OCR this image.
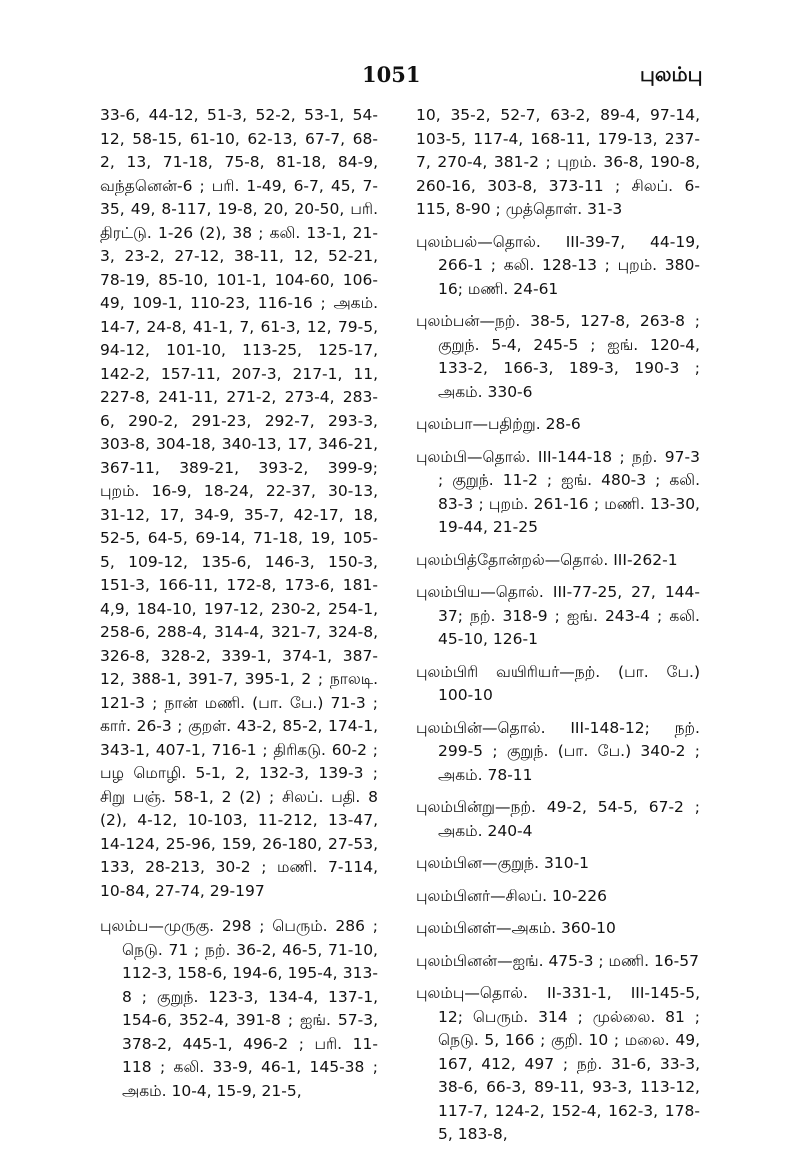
1051	புலம்பு

33-6, 44-12, 51-3, 52-2, 53-1, 54-12, 58-15, 61-10, 62-13, 67-7, 68-2, 13, 71-18, 75-8, 81-18, 84-9, வந்தனென்-6 ; பரி. 1-49, 6-7, 45, 7-35, 49, 8-117, 19-8, 20, 20-50, பரி. திரட்டு. 1-26 (2), 38 ; கலி. 13-1, 21-3, 23-2, 27-12, 38-11, 12, 52-21, 78-19, 85-10, 101-1, 104-60, 106-49, 109-1, 110-23, 116-16 ; அகம். 14-7, 24-8, 41-1, 7, 61-3, 12, 79-5, 94-12, 101-10, 113-25, 125-17, 142-2, 157-11, 207-3, 217-1, 11, 227-8, 241-11, 271-2, 273-4, 283-6, 290-2, 291-23, 292-7, 293-3, 303-8, 304-18, 340-13, 17, 346-21, 367-11, 389-21, 393-2, 399-9; புறம். 16-9, 18-24, 22-37, 30-13, 31-12, 17, 34-9, 35-7, 42-17, 18, 52-5, 64-5, 69-14, 71-18, 19, 105-5, 109-12, 135-6, 146-3, 150-3, 151-3, 166-11, 172-8, 173-6, 181-4,9, 184-10, 197-12, 230-2, 254-1, 258-6, 288-4, 314-4, 321-7, 324-8, 326-8, 328-2, 339-1, 374-1, 387-12, 388-1, 391-7, 395-1, 2 ; நாலடி. 121-3 ; நான் மணி. (பா. பே.) 71-3 ; கார். 26-3 ; குறள். 43-2, 85-2, 174-1, 343-1, 407-1, 716-1 ; திரிகடு. 60-2 ; பழ மொழி. 5-1, 2, 132-3, 139-3 ; சிறு பஞ். 58-1, 2 (2) ; சிலப். பதி. 8 (2), 4-12, 10-103, 11-212, 13-47, 14-124, 25-96, 159, 26-180, 27-53, 133, 28-213, 30-2 ; மணி. 7-114, 10-84, 27-74, 29-197

புலம்ப—முருகு. 298 ; பெரும். 286 ; நெடு. 71 ; நற். 36-2, 46-5, 71-10, 112-3, 158-6, 194-6, 195-4, 313-8 ; குறுந். 123-3, 134-4, 137-1, 154-6, 352-4, 391-8 ; ஐங். 57-3, 378-2, 445-1, 496-2 ; பரி. 11-118 ; கலி. 33-9, 46-1, 145-38 ; அகம். 10-4, 15-9, 21-5,

10, 35-2, 52-7, 63-2, 89-4, 97-14, 103-5, 117-4, 168-11, 179-13, 237-7, 270-4, 381-2 ; புறம். 36-8, 190-8, 260-16, 303-8, 373-11 ; சிலப். 6-115, 8-90 ; முத்தொள். 31-3

புலம்பல்—தொல். III-39-7, 44-19, 266-1 ; கலி. 128-13 ; புறம். 380-16; மணி. 24-61

புலம்பன்—நற். 38-5, 127-8, 263-8 ; குறுந். 5-4, 245-5 ; ஐங். 120-4, 133-2, 166-3, 189-3, 190-3 ; அகம். 330-6

புலம்பா—பதிற்று. 28-6

புலம்பி—தொல். III-144-18 ; நற். 97-3 ; குறுந். 11-2 ; ஐங். 480-3 ; கலி. 83-3 ; புறம். 261-16 ; மணி. 13-30, 19-44, 21-25

புலம்பித்தோன்றல்—தொல். III-262-1

புலம்பிய—தொல். III-77-25, 27, 144-37; நற். 318-9 ; ஐங். 243-4 ; கலி. 45-10, 126-1

புலம்பிரி வயிரியர்—நற். (பா. பே.) 100-10

புலம்பின்—தொல். III-148-12; நற். 299-5 ; குறுந். (பா. பே.) 340-2 ; அகம். 78-11

புலம்பின்று—நற். 49-2, 54-5, 67-2 ; அகம். 240-4

புலம்பின—குறுந். 310-1

புலம்பினர்—சிலப். 10-226

புலம்பினள்—அகம். 360-10

புலம்பினன்—ஐங். 475-3 ; மணி. 16-57

புலம்பு—தொல். II-331-1, III-145-5, 12; பெரும். 314 ; முல்லை. 81 ; நெடு. 5, 166 ; குறி. 10 ; மலை. 49, 167, 412, 497 ; நற். 31-6, 33-3, 38-6, 66-3, 89-11, 93-3, 113-12, 117-7, 124-2, 152-4, 162-3, 178-5, 183-8,
